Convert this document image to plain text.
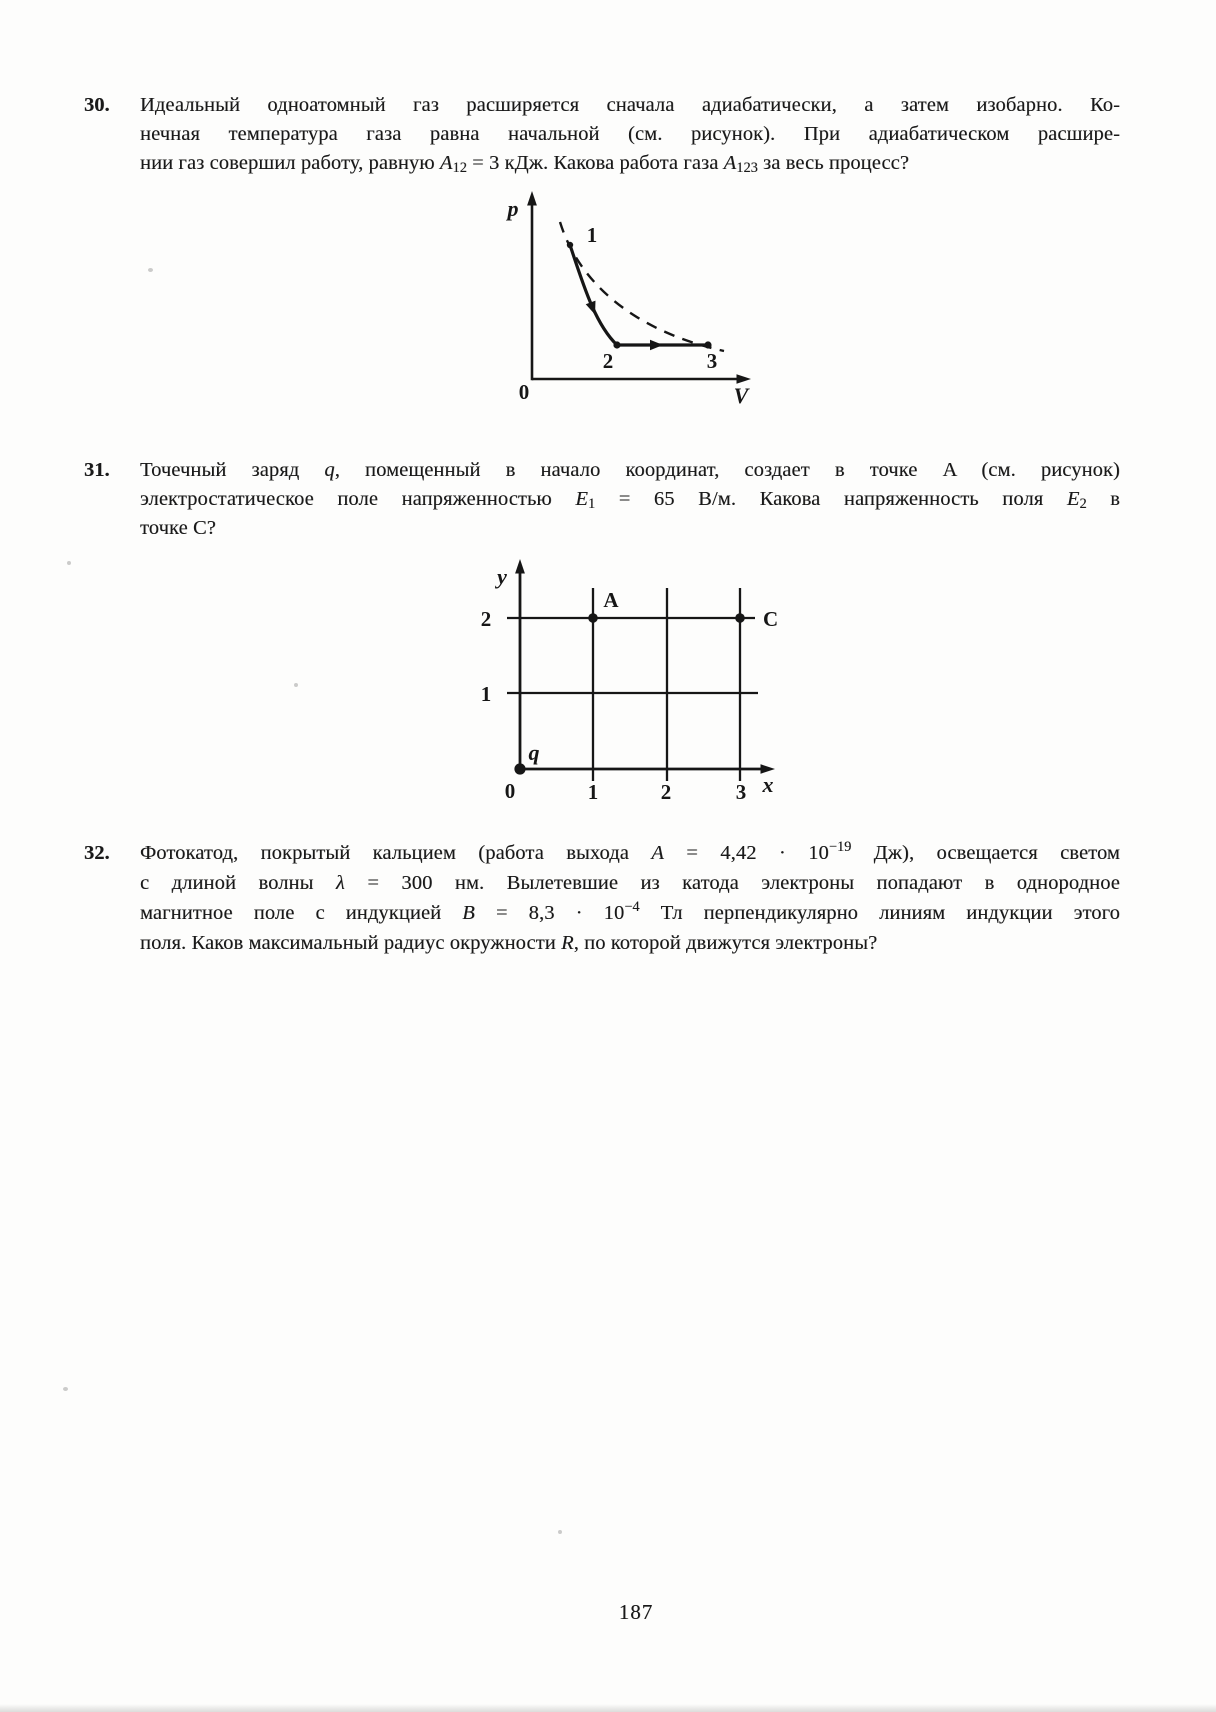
30.	Идеальный одноатомный газ расширяется сначала адиабатически, а затем изобарно. Ко-
нечная температура газа равна начальной (см. рисунок). При адиабатическом расшире-
нии газ совершил работу, равную A12 = 3 кДж. Какова работа газа A123 за весь процесс?
p
V
0
1
2	3
31.	Точечный заряд q, помещенный в начало координат, создает в точке A (см. рисунок)
электростатическое поле напряженностью E1 = 65 В/м. Какова напряженность поля E2 в
точке C?
y
x
0	1	2	3
2
1
A
C
q
32.	Фотокатод, покрытый кальцием (работа выхода $A = 4,42 \cdot 10^{-19}$ Дж), освещается светом
с длиной волны λ = 300 нм. Вылетевшие из катода электроны попадают в однородное
магнитное поле с индукцией $B = 8,3 \cdot 10^{-4}$ Тл перпендикулярно линиям индукции этого
поля. Каков максимальный радиус окружности R, по которой движутся электроны?
187
